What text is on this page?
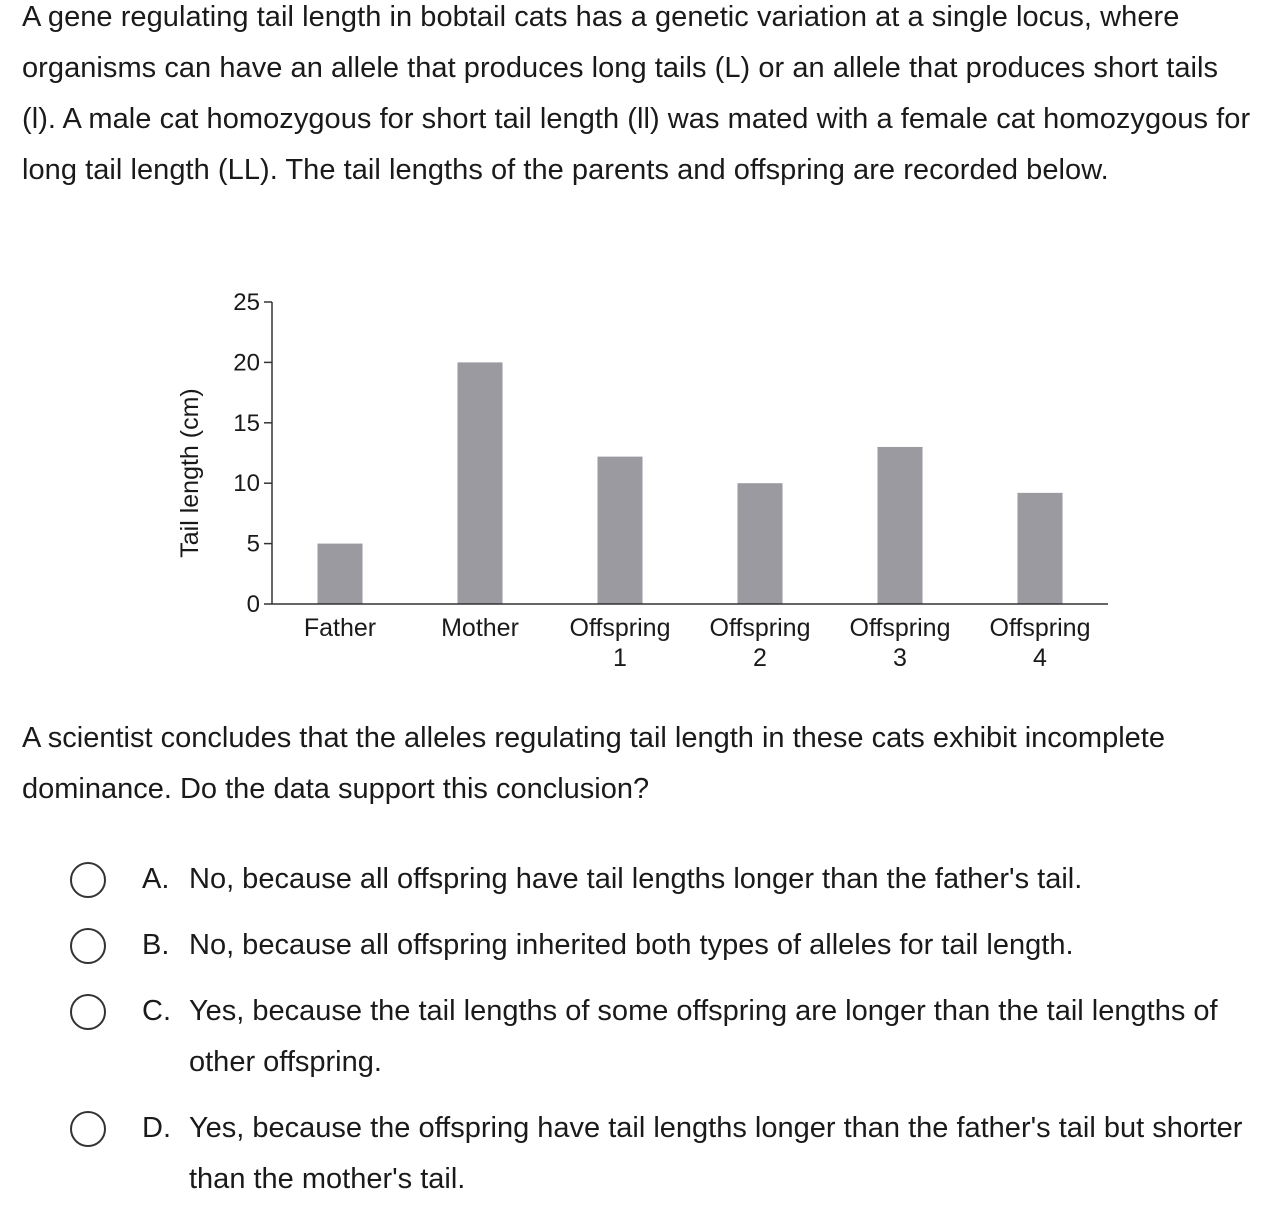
A gene regulating tail length in bobtail cats has a genetic variation at a single locus, where organisms can have an allele that produces long tails (L) or an allele that produces short tails (l). A male cat homozygous for short tail length (ll) was mated with a female cat homozygous for long tail length (LL). The tail lengths of the parents and offspring are recorded below.

Tail length (cm)
0
5
10
15
20
25
Father	Mother Offspring 1
Offspring 2
Offspring 3
Offspring 4

A scientist concludes that the alleles regulating tail length in these cats exhibit incomplete dominance. Do the data support this conclusion?

A. No, because all offspring have tail lengths longer than the father's tail.
B. No, because all offspring inherited both types of alleles for tail length.
C. Yes, because the tail lengths of some offspring are longer than the tail lengths of other offspring.
D. Yes, because the offspring have tail lengths longer than the father's tail but shorter than the mother's tail.
